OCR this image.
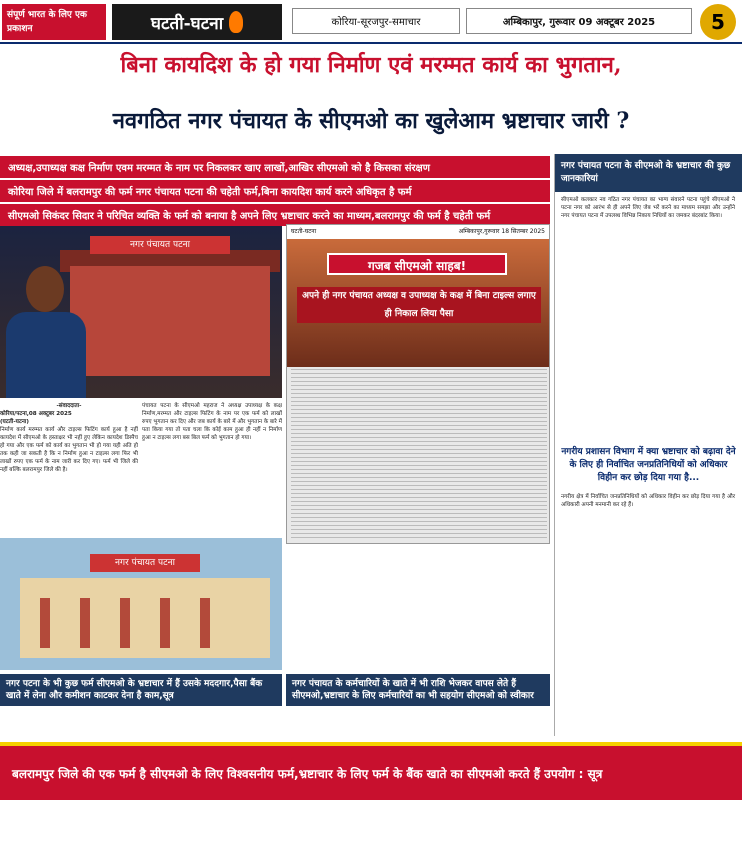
संपूर्ण भारत के लिए एक प्रकाशन	घटती-घटना	कोरिया-सूरजपुर-समाचार	अम्बिकापुर, गुरूवार 09 अक्टूबर 2025	5
बिना कायदिश के हो गया निर्माण एवं मरम्मत कार्य का भुगतान,
नवगठित नगर पंचायत के सीएमओ का खुलेआम भ्रष्टाचार जारी ?
अध्यक्ष,उपाध्यक्ष कक्ष निर्माण एवम मरम्मत के नाम पर निकलकर खाए लाखों,आखिर सीएमओ को है किसका संरक्षण
कोरिया जिले में बलरामपुर की फर्म नगर पंचायत पटना की चहेती फर्म,बिना कायदिश कार्य करने अधिकृत है फर्म
सीएमओ सिकंदर सिदार ने परिचित व्यक्ति के फर्म को बनाया है अपने लिए भ्रष्टाचार करने का माध्यम,बलरामपुर की फर्म है चहेती फर्म
नगर पंचायत पटना
-संवाददाता-
कोरिया/पटना,08 अक्टूबर 2025
(घटती-घटना)
निर्माण कार्य मरम्मत कार्य और टाइल्स फिटिंग कार्य हुआ है नहीं कायदेश में सीएमओ के हस्ताक्षर भी नहीं हुए लेकिन कायदेश डिस्पैच हो गया और एक फर्म को कार्य का भुगतान भी हो गया यही अति हो तक कही जा सकती है कि न निर्माण हुआ न टाइल्स लगा फिर भी लाखों रुपए एक फर्म के नाम जारी कर दिए गए। फर्म भी जिले की नहीं बल्कि बलरामपुर जिले की है।
पंचायत पटना के सीएमओ महराज ने अध्यक्ष उपाध्यक्ष के कक्ष निर्माण,मरम्मत और टाइल्स फिटिंग के नाम पर एक फर्म को लाखों रुपए भुगतान कर दिए और जब कार्य के बारे में और भुगतान के बारे में पता किया गया तो पता चला कि कोई काम हुआ ही नहीं न निर्माण हुआ न टाइल्स लगा बस बिल फर्म को भुगतान हो गया।
घटती-घटना	अम्बिकापुर,गुरूवार 18 सितम्बर 2025
गजब सीएमओ साहब!
अपने ही नगर पंचायत अध्यक्ष व उपाध्यक्ष के कक्ष में बिना टाइल्स लगाए ही निकाल लिया पैसा
नगर पंचायत पटना के सीएमओ के भ्रष्टाचार की कुछ जानकारियां
सीएमओ कलकार नव गठित नगर पंचायत का भाग्य संवारने पटना पहुंचे सीएमओ ने पटना नगर को आरंभ से ही अपने लिए जेब भरें करने का माध्यम समझा और उन्होंने नगर पंचायत पटना में उपलब्ध विभिन्न निकाय निधियों का जमकर बंदरबांट किया।
नगरीय प्रशासन विभाग में क्या भ्रष्टाचार को बढ़ावा देने के लिए ही निर्वाचित जनप्रतिनिधियों को अधिकार विहीन कर छोड़ दिया गया है...
नगरीय क्षेत्र में निर्वाचित जनप्रतिनिधियों को अधिकार विहीन कर छोड़ दिया गया है और अधिकारी अपनी मनमानी कर रहे हैं।
नगर पंचायत पटना
नगर पटना के भी कुछ फर्म सीएमओ के भ्रष्टाचार में हैं उसके मददगार,पैसा बैंक खाते में लेना और कमीशन काटकर देना है काम,सूत्र
नगर पंचायत के कर्मचारियों के खाते में भी राशि भेजकर वापस लेते हैं सीएमओ,भ्रष्टाचार के लिए कर्मचारियों का भी सहयोग सीएमओ को स्वीकार
बलरामपुर जिले की एक फर्म है सीएमओ के लिए विश्वसनीय फर्म,भ्रष्टाचार के लिए फर्म के बैंक खाते का सीएमओ करते हैं उपयोग : सूत्र
